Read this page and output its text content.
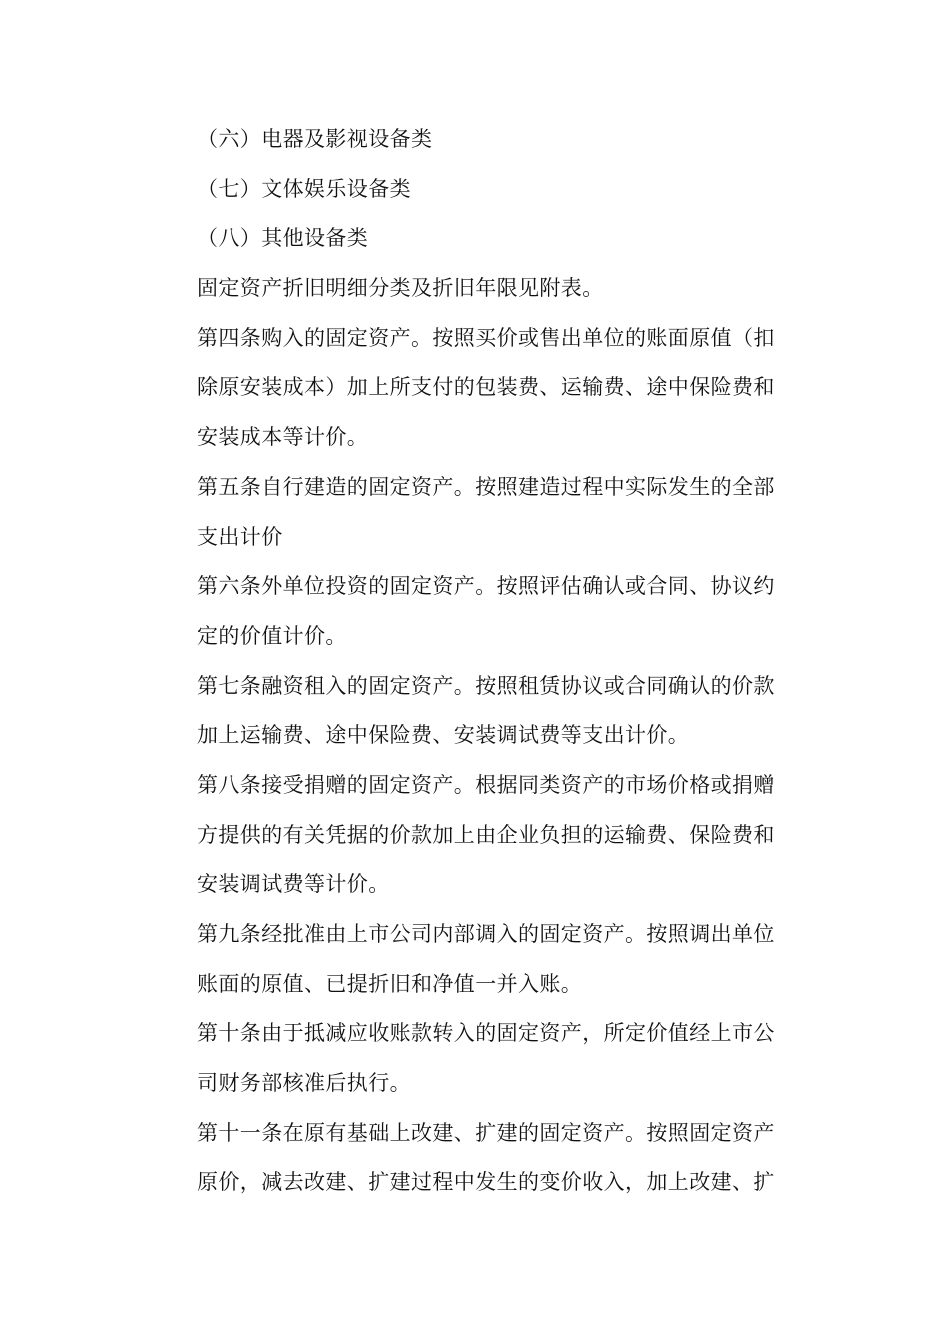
（六）电器及影视设备类
（七）文体娱乐设备类
（八）其他设备类
固定资产折旧明细分类及折旧年限见附表。
第四条购入的固定资产。按照买价或售出单位的账面原值（扣
除原安装成本）加上所支付的包装费、运输费、途中保险费和
安装成本等计价。
第五条自行建造的固定资产。按照建造过程中实际发生的全部
支出计价
第六条外单位投资的固定资产。按照评估确认或合同、协议约
定的价值计价。
第七条融资租入的固定资产。按照租赁协议或合同确认的价款
加上运输费、途中保险费、安装调试费等支出计价。
第八条接受捐赠的固定资产。根据同类资产的市场价格或捐赠
方提供的有关凭据的价款加上由企业负担的运输费、保险费和
安装调试费等计价。
第九条经批准由上市公司内部调入的固定资产。按照调出单位
账面的原值、已提折旧和净值一并入账。
第十条由于抵减应收账款转入的固定资产，所定价值经上市公
司财务部核准后执行。
第十一条在原有基础上改建、扩建的固定资产。按照固定资产
原价，减去改建、扩建过程中发生的变价收入，加上改建、扩
